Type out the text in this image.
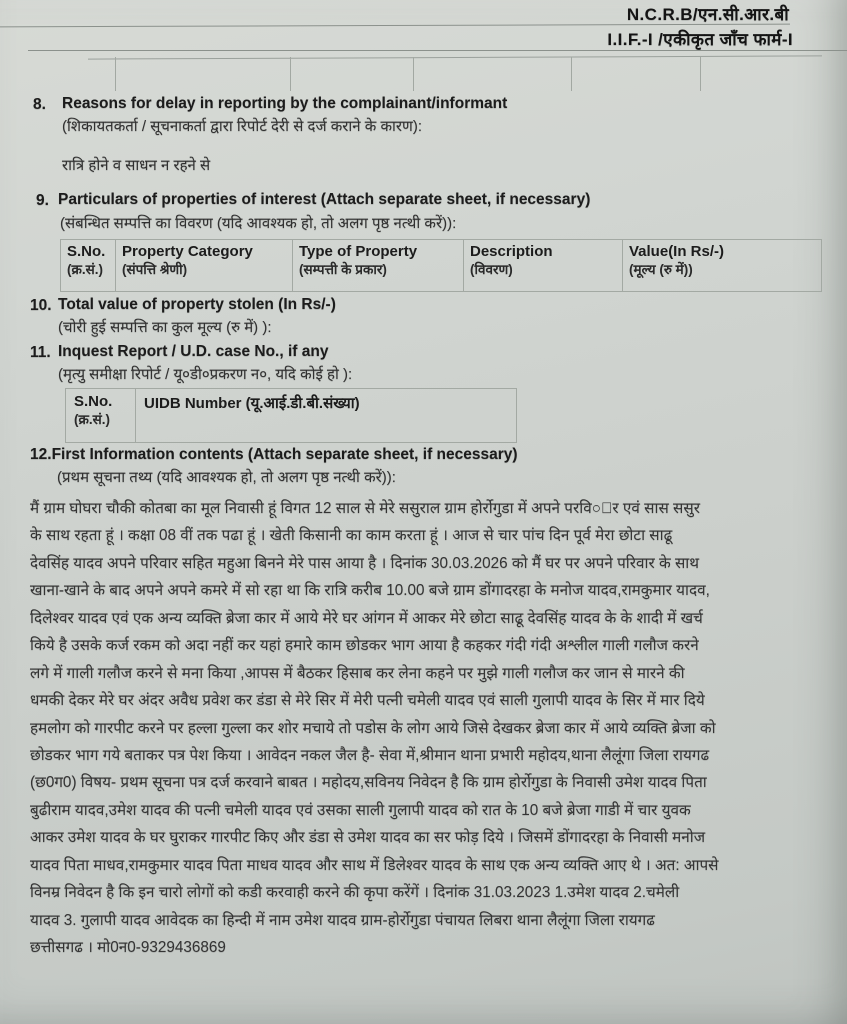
N.C.R.B/एन.सी.आर.बी
I.I.F.-I /एकीकृत जाँच फार्म-I
8. Reasons for delay in reporting by the complainant/informant
(शिकायतकर्ता / सूचनाकर्ता द्वारा रिपोर्ट देरी से दर्ज कराने के कारण):
रात्रि होने व साधन न रहने से
9. Particulars of properties of interest (Attach separate sheet, if necessary)
(संबन्धित सम्पत्ति का विवरण (यदि आवश्यक हो, तो अलग पृष्ठ नत्थी करें)):
S.No.
(क्र.सं.)
Property Category
(संपत्ति श्रेणी)
Type of Property
(सम्पत्ती के प्रकार)
Description
(विवरण)
Value(In Rs/-)
(मूल्य (रु में))
10. Total value of property stolen (In Rs/-)
(चोरी हुई सम्पत्ति का कुल मूल्य (रु में) ):
11. Inquest Report / U.D. case No., if any
(मृत्यु समीक्षा रिपोर्ट / यू०डी०प्रकरण न०, यदि कोई हो ):
S.No.
(क्र.सं.)
UIDB Number (यू.आई.डी.बी.संख्या)
12.First Information contents (Attach separate sheet, if necessary)
(प्रथम सूचना तथ्य (यदि आवश्यक हो, तो अलग पृष्ठ नत्थी करें)):
मैं ग्राम घोघरा चौकी कोतबा का मूल निवासी हूं विगत 12 साल से मेरे ससुराल ग्राम होर्रोगुडा में अपने परवि○ार एवं सास ससुर
के साथ रहता हूं । कक्षा 08 वीं तक पढा हूं । खेती किसानी का काम करता हूं । आज से चार पांच दिन पूर्व मेरा छोटा साढू
देवसिंह यादव अपने परिवार सहित महुआ बिनने मेरे पास आया है । दिनांक 30.03.2026 को मैं घर पर अपने परिवार के साथ
खाना-खाने के बाद अपने अपने कमरे में सो रहा था कि रात्रि करीब 10.00 बजे ग्राम डोंगादरहा के मनोज यादव,रामकुमार यादव,
दिलेश्वर यादव एवं एक अन्य व्यक्ति ब्रेजा कार में आये मेरे घर आंगन में आकर मेरे छोटा साढू देवसिंह यादव के के शादी में खर्च
किये है उसके कर्ज रकम को अदा नहीं कर यहां हमारे काम छोडकर भाग आया है कहकर गंदी गंदी अश्लील गाली गलौज करने
लगे में गाली गलौज करने से मना किया ,आपस में बैठकर हिसाब कर लेना कहने पर मुझे गाली गलौज कर जान से मारने की
धमकी देकर मेरे घर अंदर अवैध प्रवेश कर डंडा से मेरे सिर में मेरी पत्नी चमेली यादव एवं साली गुलापी यादव के सिर में मार दिये
हमलोग को गारपीट करने पर हल्ला गुल्ला कर शोर मचाये तो पडोस के लोग आये जिसे देखकर ब्रेजा कार में आये व्यक्ति ब्रेजा को
छोडकर भाग गये बताकर पत्र पेश किया । आवेदन नकल जैल है- सेवा में,श्रीमान थाना प्रभारी महोदय,थाना लैलूंगा जिला रायगढ
(छ0ग0) विषय- प्रथम सूचना पत्र दर्ज करवाने बाबत । महोदय,सविनय निवेदन है कि ग्राम होर्रोगुडा के निवासी उमेश यादव पिता
बुढीराम यादव,उमेश यादव की पत्नी चमेली यादव एवं उसका साली गुलापी यादव को रात के 10 बजे ब्रेजा गाडी में चार युवक
आकर उमेश यादव के घर घुराकर गारपीट किए और डंडा से उमेश यादव का सर फोड़ दिये । जिसमें डोंगादरहा के निवासी मनोज
यादव पिता माधव,रामकुमार यादव पिता माधव यादव और साथ में डिलेश्वर यादव के साथ एक अन्य व्यक्ति आए थे । अत: आपसे
विनम्र निवेदन है कि इन चारो लोगों को कडी करवाही करने की कृपा करेंगें । दिनांक 31.03.2023 1.उमेश यादव 2.चमेली
यादव 3. गुलापी यादव आवेदक का हिन्दी में नाम उमेश यादव ग्राम-होर्रोगुडा पंचायत लिबरा थाना लैलूंगा जिला रायगढ
छत्तीसगढ । मो0न0-9329436869
